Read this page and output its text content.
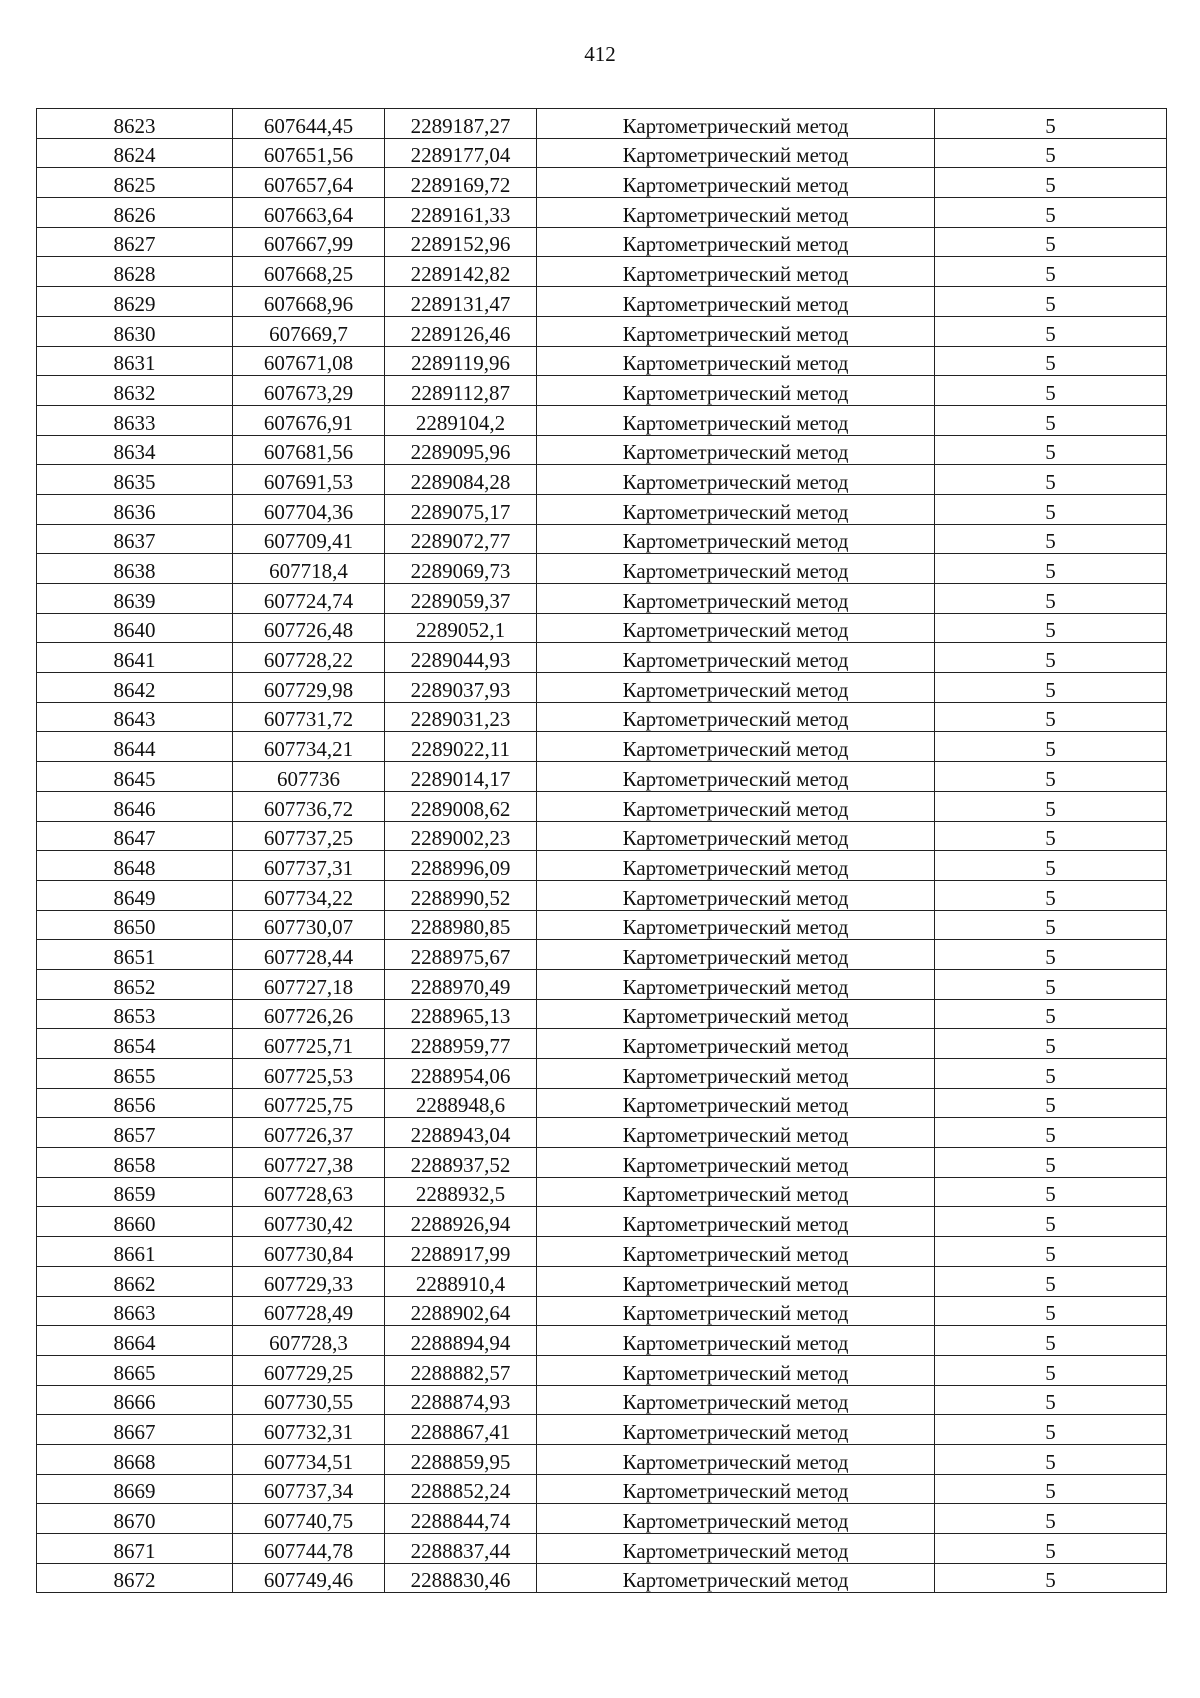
412
8623	607644,45	2289187,27	Картометрический метод	5
8624	607651,56	2289177,04	Картометрический метод	5
8625	607657,64	2289169,72	Картометрический метод	5
8626	607663,64	2289161,33	Картометрический метод	5
8627	607667,99	2289152,96	Картометрический метод	5
8628	607668,25	2289142,82	Картометрический метод	5
8629	607668,96	2289131,47	Картометрический метод	5
8630	607669,7	2289126,46	Картометрический метод	5
8631	607671,08	2289119,96	Картометрический метод	5
8632	607673,29	2289112,87	Картометрический метод	5
8633	607676,91	2289104,2	Картометрический метод	5
8634	607681,56	2289095,96	Картометрический метод	5
8635	607691,53	2289084,28	Картометрический метод	5
8636	607704,36	2289075,17	Картометрический метод	5
8637	607709,41	2289072,77	Картометрический метод	5
8638	607718,4	2289069,73	Картометрический метод	5
8639	607724,74	2289059,37	Картометрический метод	5
8640	607726,48	2289052,1	Картометрический метод	5
8641	607728,22	2289044,93	Картометрический метод	5
8642	607729,98	2289037,93	Картометрический метод	5
8643	607731,72	2289031,23	Картометрический метод	5
8644	607734,21	2289022,11	Картометрический метод	5
8645	607736	2289014,17	Картометрический метод	5
8646	607736,72	2289008,62	Картометрический метод	5
8647	607737,25	2289002,23	Картометрический метод	5
8648	607737,31	2288996,09	Картометрический метод	5
8649	607734,22	2288990,52	Картометрический метод	5
8650	607730,07	2288980,85	Картометрический метод	5
8651	607728,44	2288975,67	Картометрический метод	5
8652	607727,18	2288970,49	Картометрический метод	5
8653	607726,26	2288965,13	Картометрический метод	5
8654	607725,71	2288959,77	Картометрический метод	5
8655	607725,53	2288954,06	Картометрический метод	5
8656	607725,75	2288948,6	Картометрический метод	5
8657	607726,37	2288943,04	Картометрический метод	5
8658	607727,38	2288937,52	Картометрический метод	5
8659	607728,63	2288932,5	Картометрический метод	5
8660	607730,42	2288926,94	Картометрический метод	5
8661	607730,84	2288917,99	Картометрический метод	5
8662	607729,33	2288910,4	Картометрический метод	5
8663	607728,49	2288902,64	Картометрический метод	5
8664	607728,3	2288894,94	Картометрический метод	5
8665	607729,25	2288882,57	Картометрический метод	5
8666	607730,55	2288874,93	Картометрический метод	5
8667	607732,31	2288867,41	Картометрический метод	5
8668	607734,51	2288859,95	Картометрический метод	5
8669	607737,34	2288852,24	Картометрический метод	5
8670	607740,75	2288844,74	Картометрический метод	5
8671	607744,78	2288837,44	Картометрический метод	5
8672	607749,46	2288830,46	Картометрический метод	5
